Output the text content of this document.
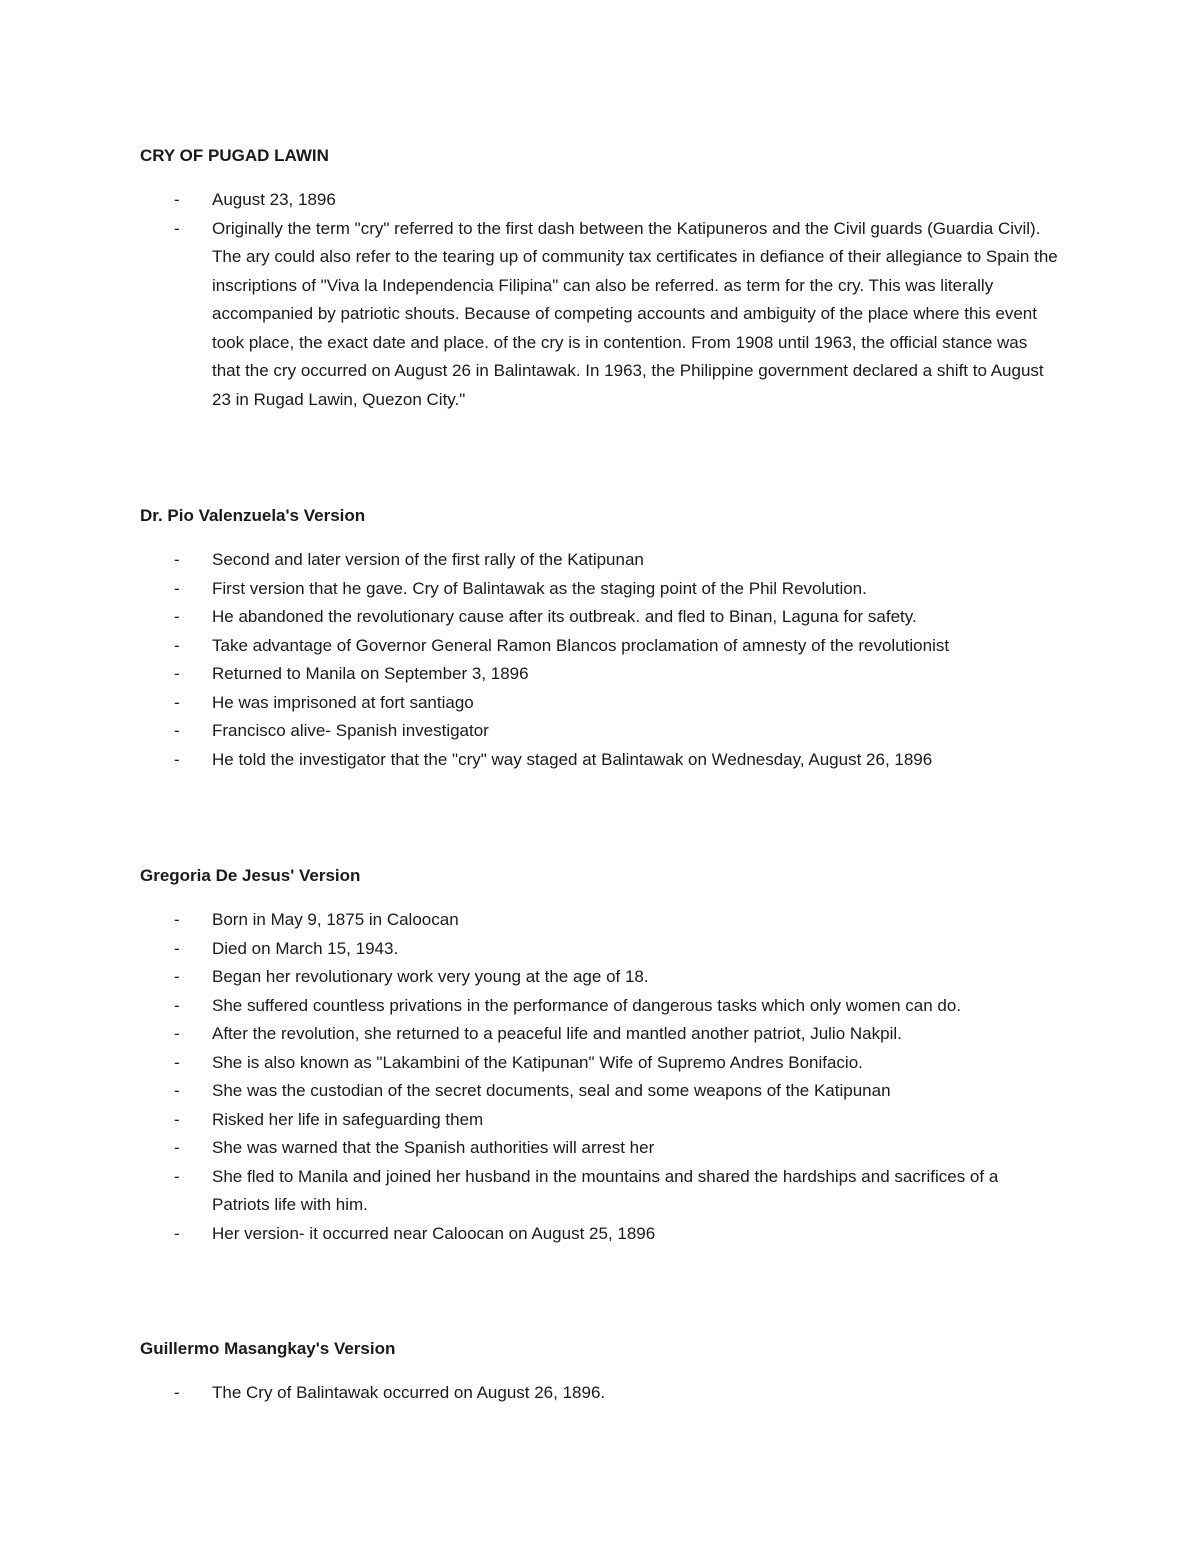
CRY OF PUGAD LAWIN
- August 23, 1896
- Originally the term "cry" referred to the first dash between the Katipuneros and the Civil guards (Guardia Civil). The ary could also refer to the tearing up of community tax certificates in defiance of their allegiance to Spain the inscriptions of "Viva la Independencia Filipina" can also be referred. as term for the cry. This was literally accompanied by patriotic shouts. Because of competing accounts and ambiguity of the place where this event took place, the exact date and place. of the cry is in contention. From 1908 until 1963, the official stance was that the cry occurred on August 26 in Balintawak. In 1963, the Philippine government declared a shift to August 23 in Rugad Lawin, Quezon City."
Dr. Pio Valenzuela's Version
- Second and later version of the first rally of the Katipunan
- First version that he gave. Cry of Balintawak as the staging point of the Phil Revolution.
- He abandoned the revolutionary cause after its outbreak. and fled to Binan, Laguna for safety.
- Take advantage of Governor General Ramon Blancos proclamation of amnesty of the revolutionist
- Returned to Manila on September 3, 1896
- He was imprisoned at fort santiago
- Francisco alive- Spanish investigator
- He told the investigator that the "cry" way staged at Balintawak on Wednesday, August 26, 1896
Gregoria De Jesus' Version
- Born in May 9, 1875 in Caloocan
- Died on March 15, 1943.
- Began her revolutionary work very young at the age of 18.
- She suffered countless privations in the performance of dangerous tasks which only women can do.
- After the revolution, she returned to a peaceful life and mantled another patriot, Julio Nakpil.
- She is also known as "Lakambini of the Katipunan" Wife of Supremo Andres Bonifacio.
- She was the custodian of the secret documents, seal and some weapons of the Katipunan
- Risked her life in safeguarding them
- She was warned that the Spanish authorities will arrest her
- She fled to Manila and joined her husband in the mountains and shared the hardships and sacrifices of a Patriots life with him.
- Her version- it occurred near Caloocan on August 25, 1896
Guillermo Masangkay's Version
- The Cry of Balintawak occurred on August 26, 1896.
